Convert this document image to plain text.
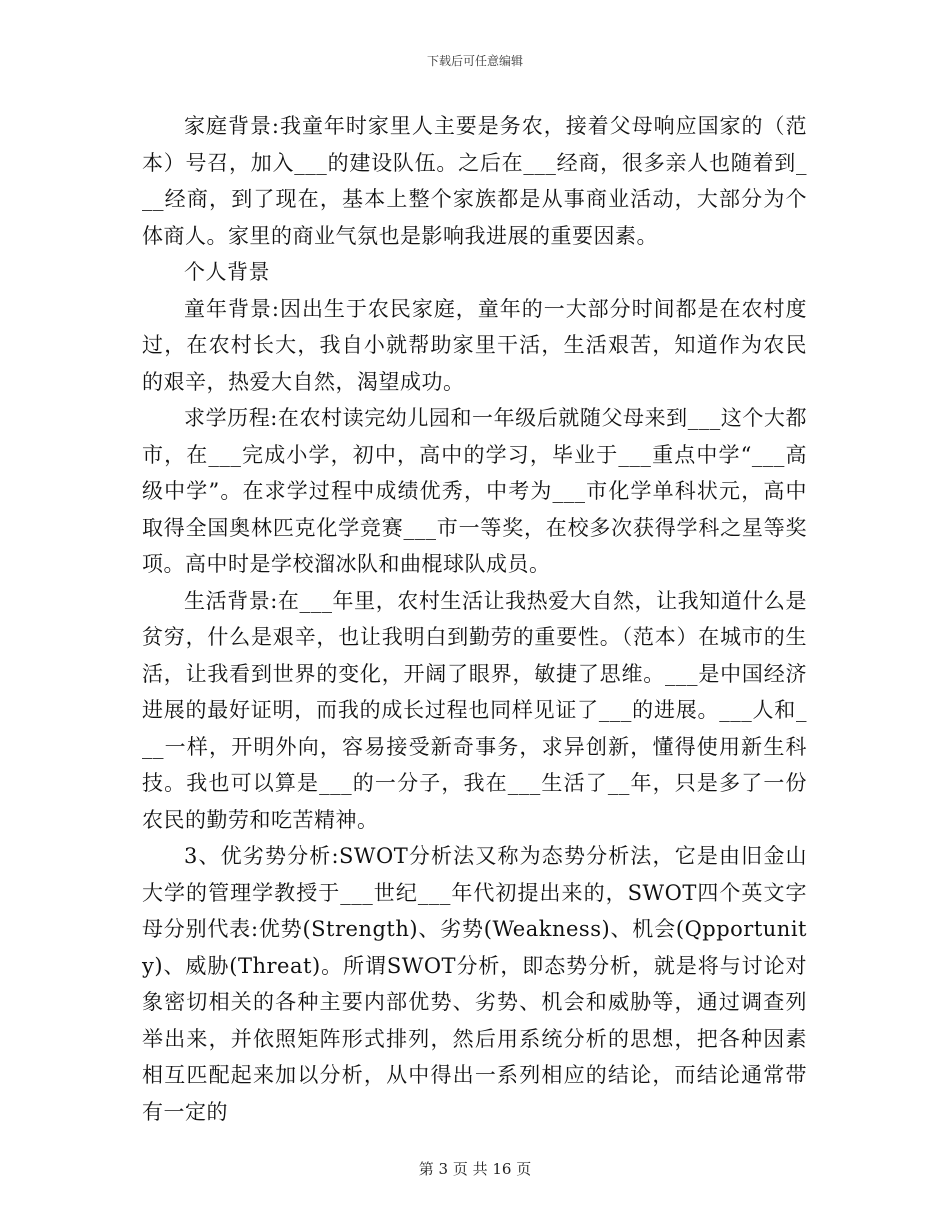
下载后可任意编辑

家庭背景:我童年时家里人主要是务农，接着父母响应国家的（范本）号召，加入___的建设队伍。之后在___经商，很多亲人也随着到___经商，到了现在，基本上整个家族都是从事商业活动，大部分为个体商人。家里的商业气氛也是影响我进展的重要因素。

个人背景

童年背景:因出生于农民家庭，童年的一大部分时间都是在农村度过，在农村长大，我自小就帮助家里干活，生活艰苦，知道作为农民的艰辛，热爱大自然，渴望成功。

求学历程:在农村读完幼儿园和一年级后就随父母来到___这个大都市，在___完成小学，初中，高中的学习，毕业于___重点中学“___高级中学”。在求学过程中成绩优秀，中考为___市化学单科状元，高中取得全国奥林匹克化学竞赛___市一等奖，在校多次获得学科之星等奖项。高中时是学校溜冰队和曲棍球队成员。

生活背景:在___年里，农村生活让我热爱大自然，让我知道什么是贫穷，什么是艰辛，也让我明白到勤劳的重要性。（范本）在城市的生活，让我看到世界的变化，开阔了眼界，敏捷了思维。___是中国经济进展的最好证明，而我的成长过程也同样见证了___的进展。___人和___一样，开明外向，容易接受新奇事务，求异创新，懂得使用新生科技。我也可以算是___的一分子，我在___生活了__年，只是多了一份农民的勤劳和吃苦精神。

3、优劣势分析:SWOT分析法又称为态势分析法，它是由旧金山大学的管理学教授于___世纪___年代初提出来的，SWOT四个英文字母分别代表:优势(Strength)、劣势(Weakness)、机会(Qpportunity)、威胁(Threat)。所谓SWOT分析，即态势分析，就是将与讨论对象密切相关的各种主要内部优势、劣势、机会和威胁等，通过调查列举出来，并依照矩阵形式排列，然后用系统分析的思想，把各种因素相互匹配起来加以分析，从中得出一系列相应的结论，而结论通常带有一定的

第 3 页 共 16 页
